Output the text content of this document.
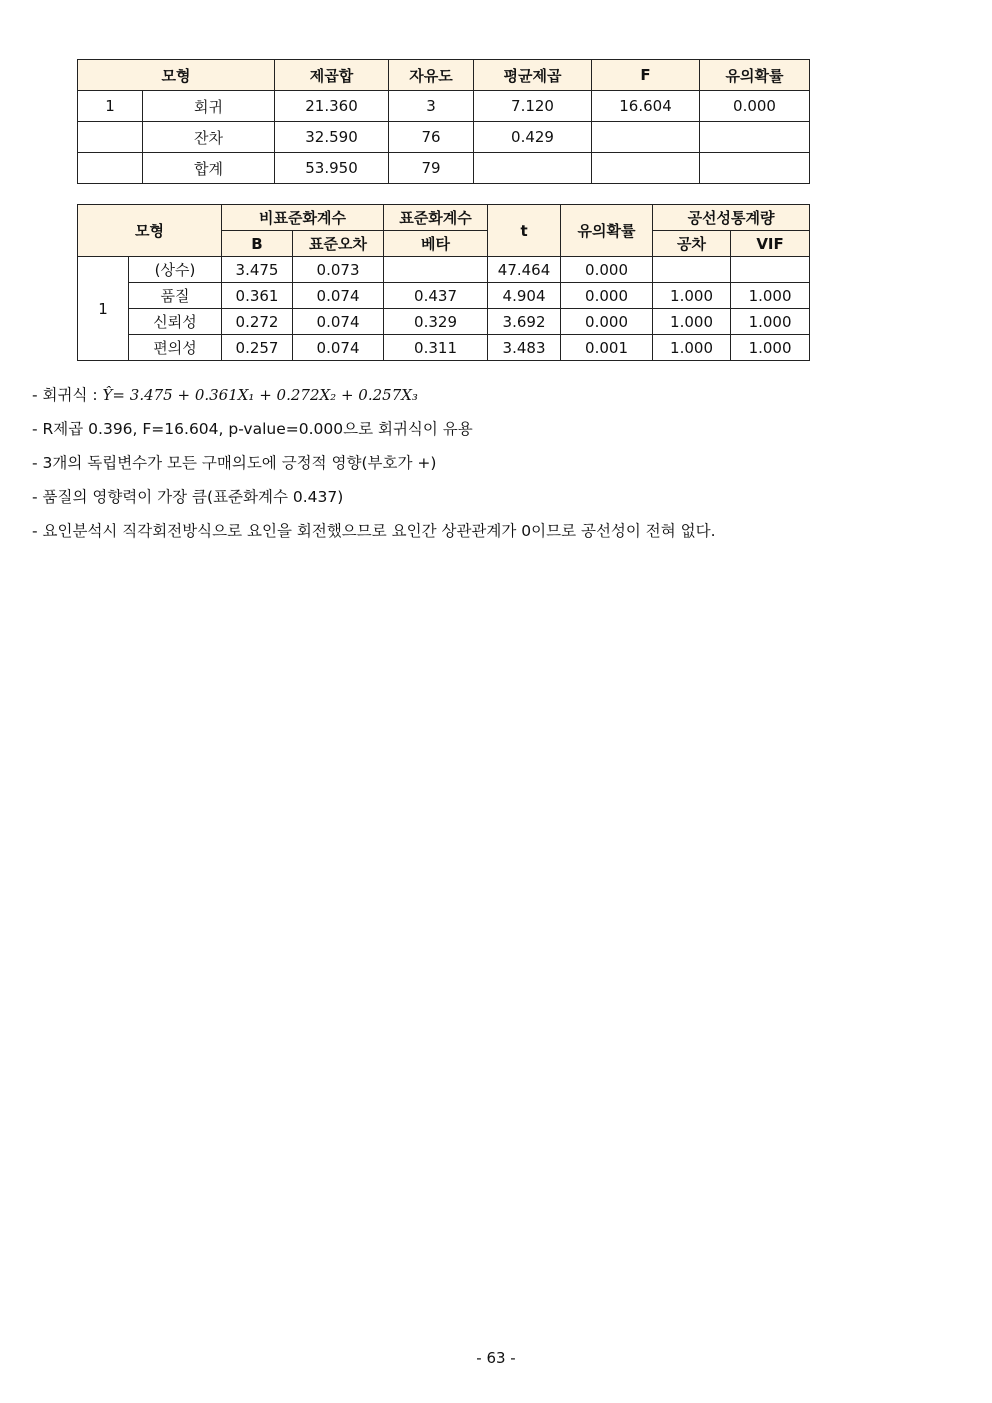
모형		제곱합	자유도	평균제곱	F	유의확률
1	회귀	21.360	3	7.120	16.604	0.000
	잔차	32.590	76	0.429		
	합계	53.950	79			
모형		비표준화계수		표준화계수	t	유의확률	공선성통계량	
		B	표준오차	베타			공차	VIF
1	(상수)	3.475	0.073		47.464	0.000		
	품질	0.361	0.074	0.437	4.904	0.000	1.000	1.000
	신뢰성	0.272	0.074	0.329	3.692	0.000	1.000	1.000
	편의성	0.257	0.074	0.311	3.483	0.001	1.000	1.000
- 회귀식 : Ŷ= 3.475 + 0.361X₁ + 0.272X₂ + 0.257X₃
- R제곱 0.396, F=16.604, p-value=0.000으로 회귀식이 유용
- 3개의 독립변수가 모든 구매의도에 긍정적 영향(부호가 +)
- 품질의 영향력이 가장 큼(표준화계수 0.437)
- 요인분석시 직각회전방식으로 요인을 회전했으므로 요인간 상관관계가 0이므로 공선성이 전혀 없다.
- 63 -
